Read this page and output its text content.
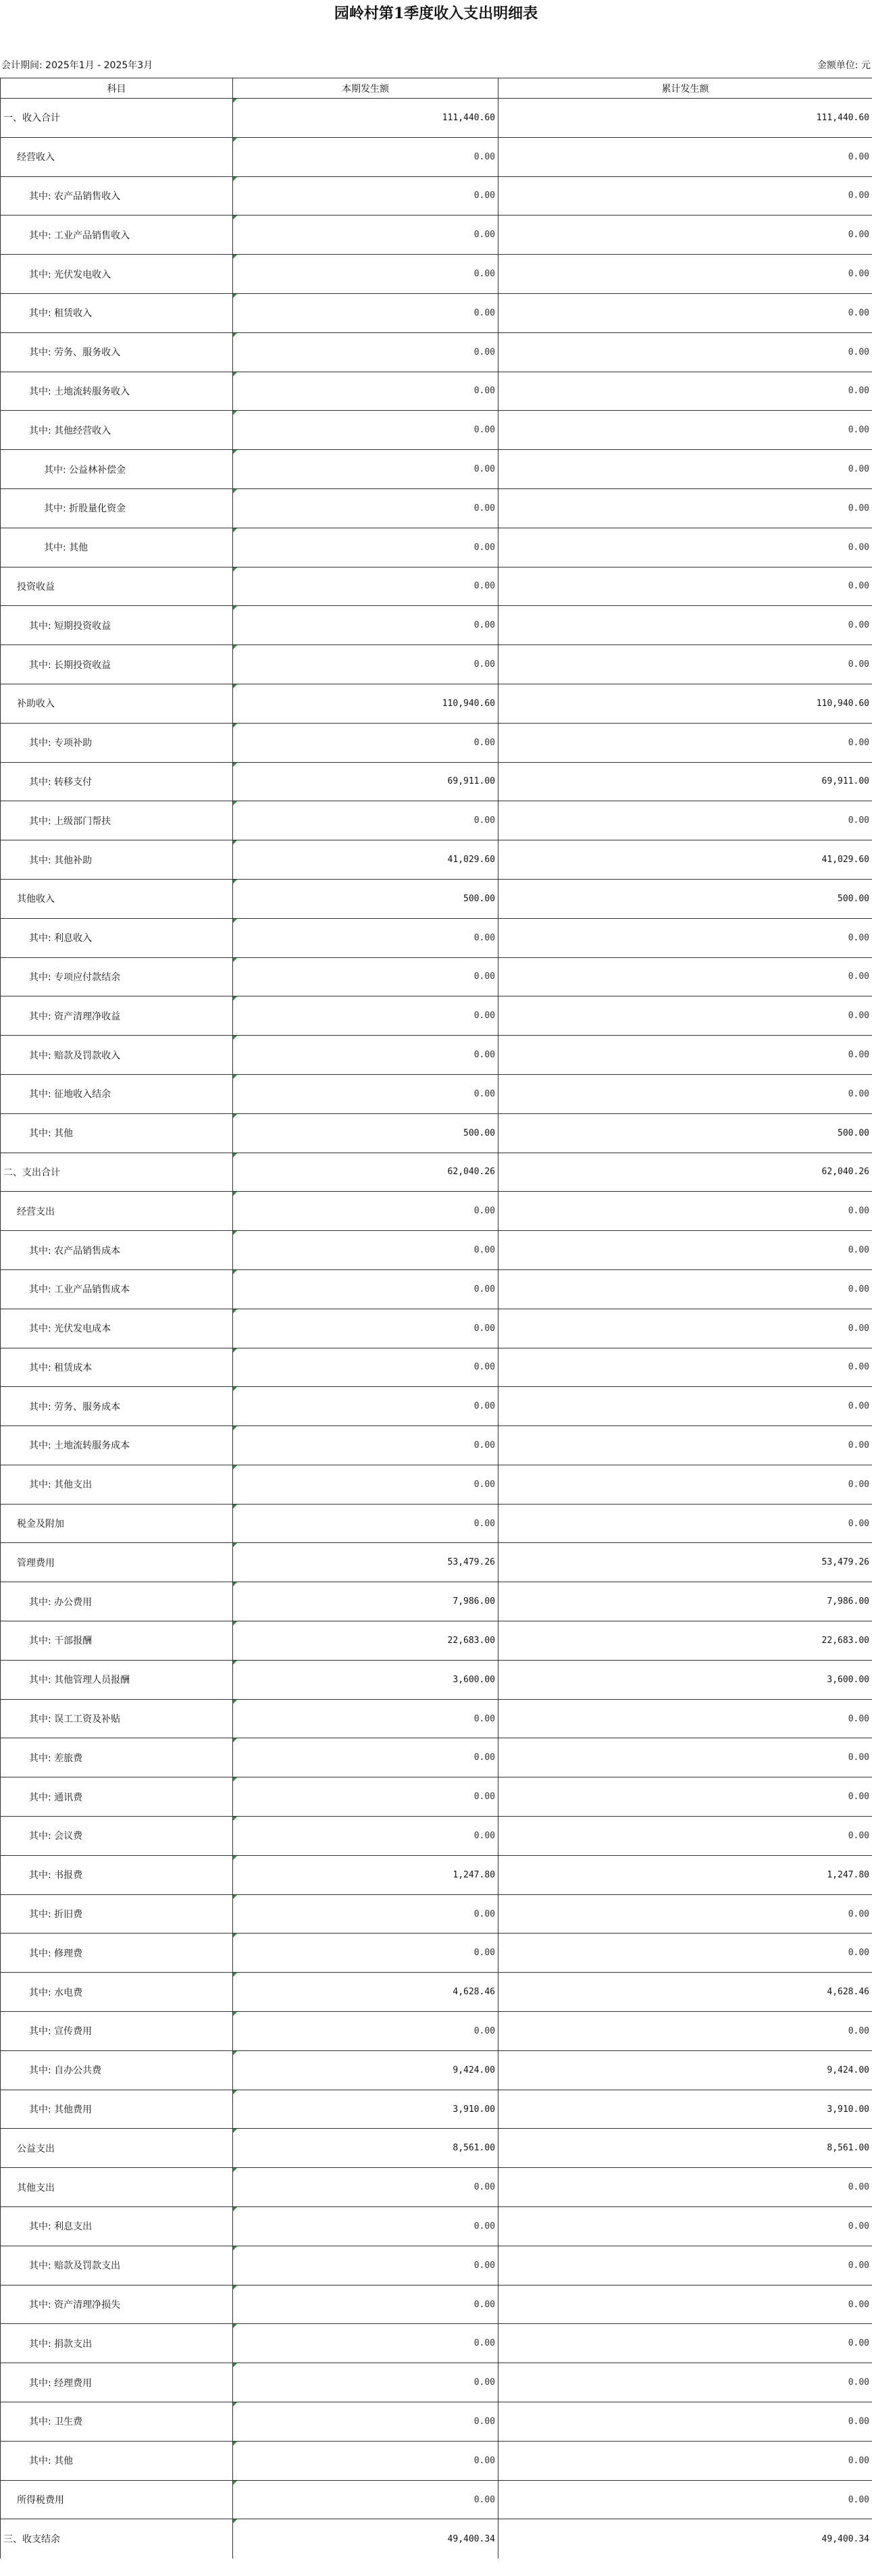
园岭村第1季度收入支出明细表
会计期间: 2025年1月 - 2025年3月	金额单位: 元
科目	本期发生额	累计发生额
一、收入合计	111,440.60	111,440.60
经营收入	0.00	0.00
其中: 农产品销售收入	0.00	0.00
其中: 工业产品销售收入	0.00	0.00
其中: 光伏发电收入	0.00	0.00
其中: 租赁收入	0.00	0.00
其中: 劳务、服务收入	0.00	0.00
其中: 土地流转服务收入	0.00	0.00
其中: 其他经营收入	0.00	0.00
其中: 公益林补偿金	0.00	0.00
其中: 折股量化资金	0.00	0.00
其中: 其他	0.00	0.00
投资收益	0.00	0.00
其中: 短期投资收益	0.00	0.00
其中: 长期投资收益	0.00	0.00
补助收入	110,940.60	110,940.60
其中: 专项补助	0.00	0.00
其中: 转移支付	69,911.00	69,911.00
其中: 上级部门帮扶	0.00	0.00
其中: 其他补助	41,029.60	41,029.60
其他收入	500.00	500.00
其中: 利息收入	0.00	0.00
其中: 专项应付款结余	0.00	0.00
其中: 资产清理净收益	0.00	0.00
其中: 赔款及罚款收入	0.00	0.00
其中: 征地收入结余	0.00	0.00
其中: 其他	500.00	500.00
二、支出合计	62,040.26	62,040.26
经营支出	0.00	0.00
其中: 农产品销售成本	0.00	0.00
其中: 工业产品销售成本	0.00	0.00
其中: 光伏发电成本	0.00	0.00
其中: 租赁成本	0.00	0.00
其中: 劳务、服务成本	0.00	0.00
其中: 土地流转服务成本	0.00	0.00
其中: 其他支出	0.00	0.00
税金及附加	0.00	0.00
管理费用	53,479.26	53,479.26
其中: 办公费用	7,986.00	7,986.00
其中: 干部报酬	22,683.00	22,683.00
其中: 其他管理人员报酬	3,600.00	3,600.00
其中: 误工工资及补贴	0.00	0.00
其中: 差旅费	0.00	0.00
其中: 通讯费	0.00	0.00
其中: 会议费	0.00	0.00
其中: 书报费	1,247.80	1,247.80
其中: 折旧费	0.00	0.00
其中: 修理费	0.00	0.00
其中: 水电费	4,628.46	4,628.46
其中: 宣传费用	0.00	0.00
其中: 自办公共费	9,424.00	9,424.00
其中: 其他费用	3,910.00	3,910.00
公益支出	8,561.00	8,561.00
其他支出	0.00	0.00
其中: 利息支出	0.00	0.00
其中: 赔款及罚款支出	0.00	0.00
其中: 资产清理净损失	0.00	0.00
其中: 捐款支出	0.00	0.00
其中: 经理费用	0.00	0.00
其中: 卫生费	0.00	0.00
其中: 其他	0.00	0.00
所得税费用	0.00	0.00
三、收支结余	49,400.34	49,400.34
